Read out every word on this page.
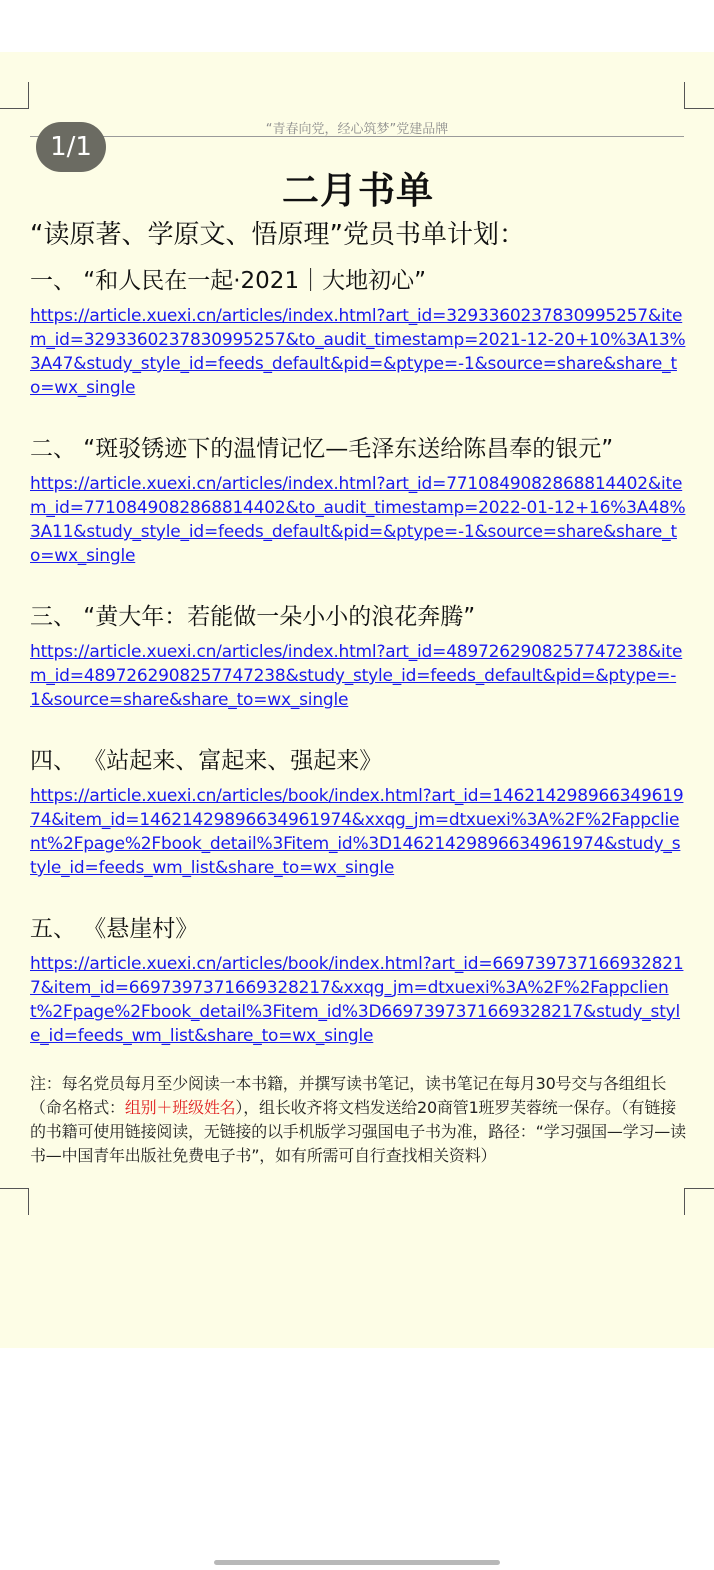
1/1
“青春向党，经心筑梦”党建品牌
二月书单
“读原著、学原文、悟原理”党员书单计划：
一、 “和人民在一起·2021｜大地初心”
https://article.xuexi.cn/articles/index.html?art_id=3293360237830995257&item_id=3293360237830995257&to_audit_timestamp=2021-12-20+10%3A13%3A47&study_style_id=feeds_default&pid=&ptype=-1&source=share&share_to=wx_single
二、 “斑驳锈迹下的温情记忆—毛泽东送给陈昌奉的银元”
https://article.xuexi.cn/articles/index.html?art_id=7710849082868814402&item_id=7710849082868814402&to_audit_timestamp=2022-01-12+16%3A48%3A11&study_style_id=feeds_default&pid=&ptype=-1&source=share&share_to=wx_single
三、 “黄大年：若能做一朵小小的浪花奔腾”
https://article.xuexi.cn/articles/index.html?art_id=4897262908257747238&item_id=4897262908257747238&study_style_id=feeds_default&pid=&ptype=-1&source=share&share_to=wx_single
四、 《站起来、富起来、强起来》
https://article.xuexi.cn/articles/book/index.html?art_id=14621429896634961974&item_id=14621429896634961974&xxqg_jm=dtxuexi%3A%2F%2Fappclient%2Fpage%2Fbook_detail%3Fitem_id%3D14621429896634961974&study_style_id=feeds_wm_list&share_to=wx_single
五、 《悬崖村》
https://article.xuexi.cn/articles/book/index.html?art_id=6697397371669328217&item_id=6697397371669328217&xxqg_jm=dtxuexi%3A%2F%2Fappclient%2Fpage%2Fbook_detail%3Fitem_id%3D6697397371669328217&study_style_id=feeds_wm_list&share_to=wx_single
注：每名党员每月至少阅读一本书籍，并撰写读书笔记，读书笔记在每月30号交与各组组长（命名格式：组别＋班级姓名），组长收齐将文档发送给20商管1班罗芙蓉统一保存。（有链接的书籍可使用链接阅读，无链接的以手机版学习强国电子书为准，路径：“学习强国—学习—读书—中国青年出版社免费电子书”，如有所需可自行查找相关资料）
